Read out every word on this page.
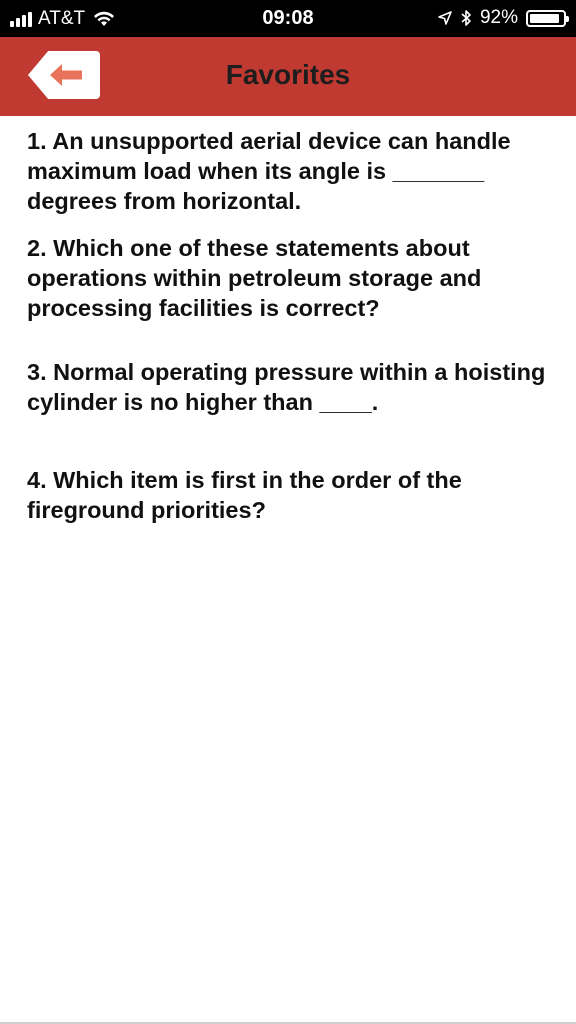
AT&T	09:08	92%
Favorites
1. An unsupported aerial device can handle maximum load when its angle is _______ degrees from horizontal.
2. Which one of these statements about operations within petroleum storage and processing facilities is correct?
3. Normal operating pressure within a hoisting cylinder is no higher than ____.
4. Which item is first in the order of the fireground priorities?
